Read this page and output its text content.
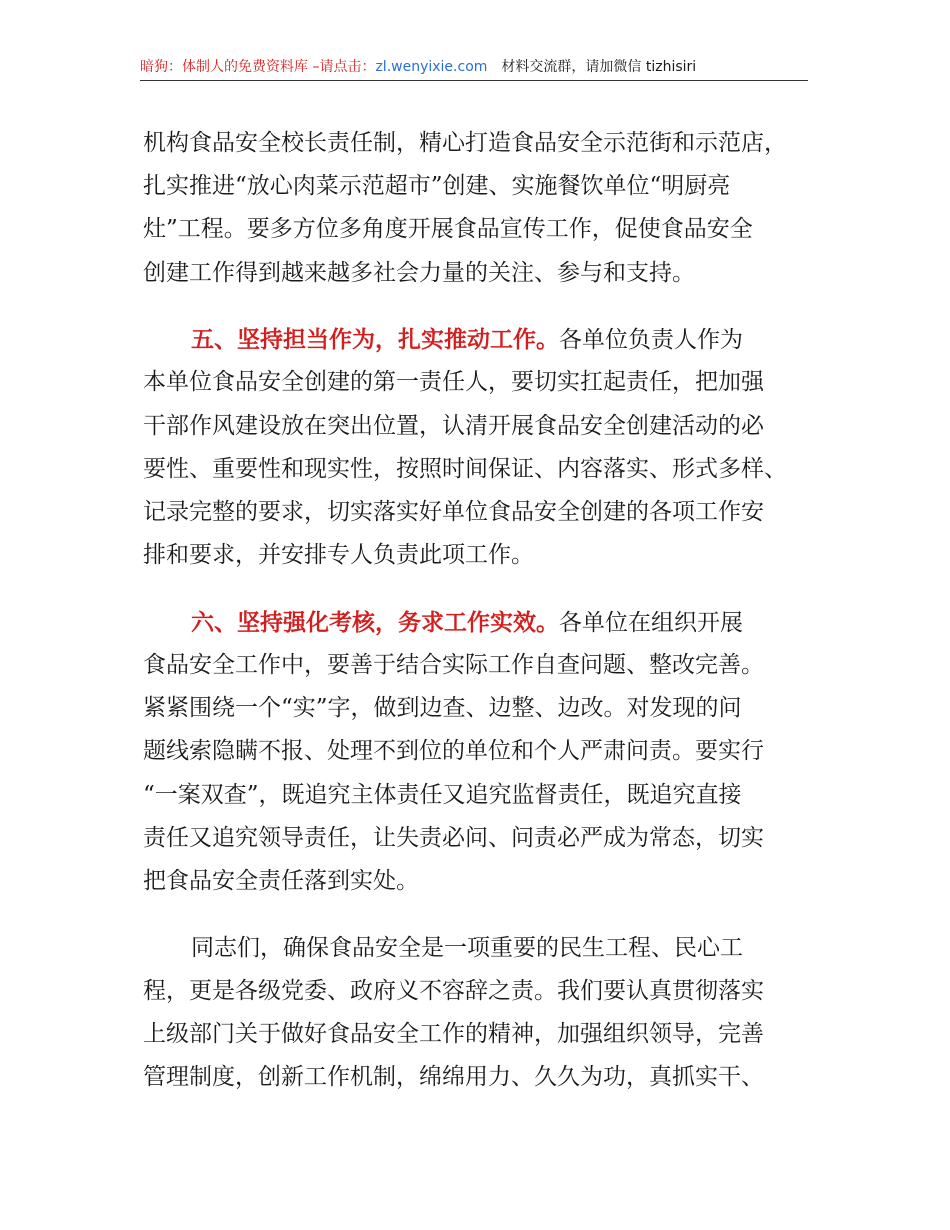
暗狗：体制人的免费资料库 –请点击：zl.wenyixie.com 材料交流群，请加微信 tizhisiri
机构食品安全校长责任制，精心打造食品安全示范街和示范店，
扎实推进“放心肉菜示范超市”创建、实施餐饮单位“明厨亮
灶”工程。要多方位多角度开展食品宣传工作，促使食品安全
创建工作得到越来越多社会力量的关注、参与和支持。
五、坚持担当作为，扎实推动工作。各单位负责人作为
本单位食品安全创建的第一责任人，要切实扛起责任，把加强
干部作风建设放在突出位置，认清开展食品安全创建活动的必
要性、重要性和现实性，按照时间保证、内容落实、形式多样、
记录完整的要求，切实落实好单位食品安全创建的各项工作安
排和要求，并安排专人负责此项工作。
六、坚持强化考核，务求工作实效。各单位在组织开展
食品安全工作中，要善于结合实际工作自查问题、整改完善。
紧紧围绕一个“实”字，做到边查、边整、边改。对发现的问
题线索隐瞒不报、处理不到位的单位和个人严肃问责。要实行
“一案双查”，既追究主体责任又追究监督责任，既追究直接
责任又追究领导责任，让失责必问、问责必严成为常态，切实
把食品安全责任落到实处。
同志们，确保食品安全是一项重要的民生工程、民心工
程，更是各级党委、政府义不容辞之责。我们要认真贯彻落实
上级部门关于做好食品安全工作的精神，加强组织领导，完善
管理制度，创新工作机制，绵绵用力、久久为功，真抓实干、
